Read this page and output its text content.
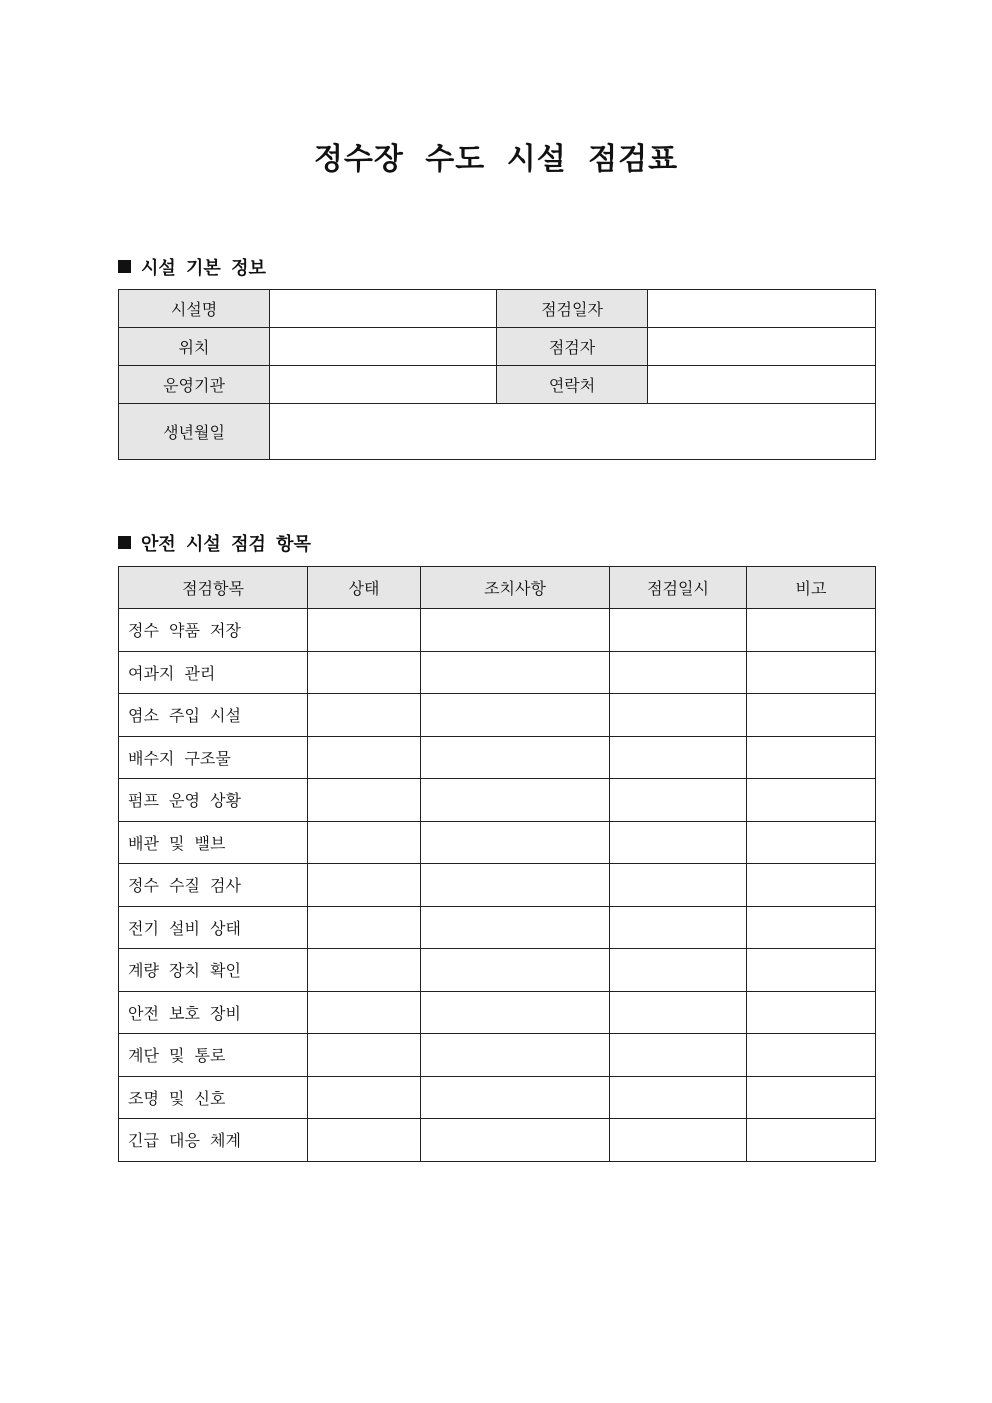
정수장 수도 시설 점검표
시설 기본 정보
시설명		점검일자	
위치		점검자	
운영기관		연락처	
생년월일			
안전 시설 점검 항목
점검항목	상태	조치사항	점검일시	비고
정수 약품 저장				
여과지 관리				
염소 주입 시설				
배수지 구조물				
펌프 운영 상황				
배관 및 밸브				
정수 수질 검사				
전기 설비 상태				
계량 장치 확인				
안전 보호 장비				
계단 및 통로				
조명 및 신호				
긴급 대응 체계				
